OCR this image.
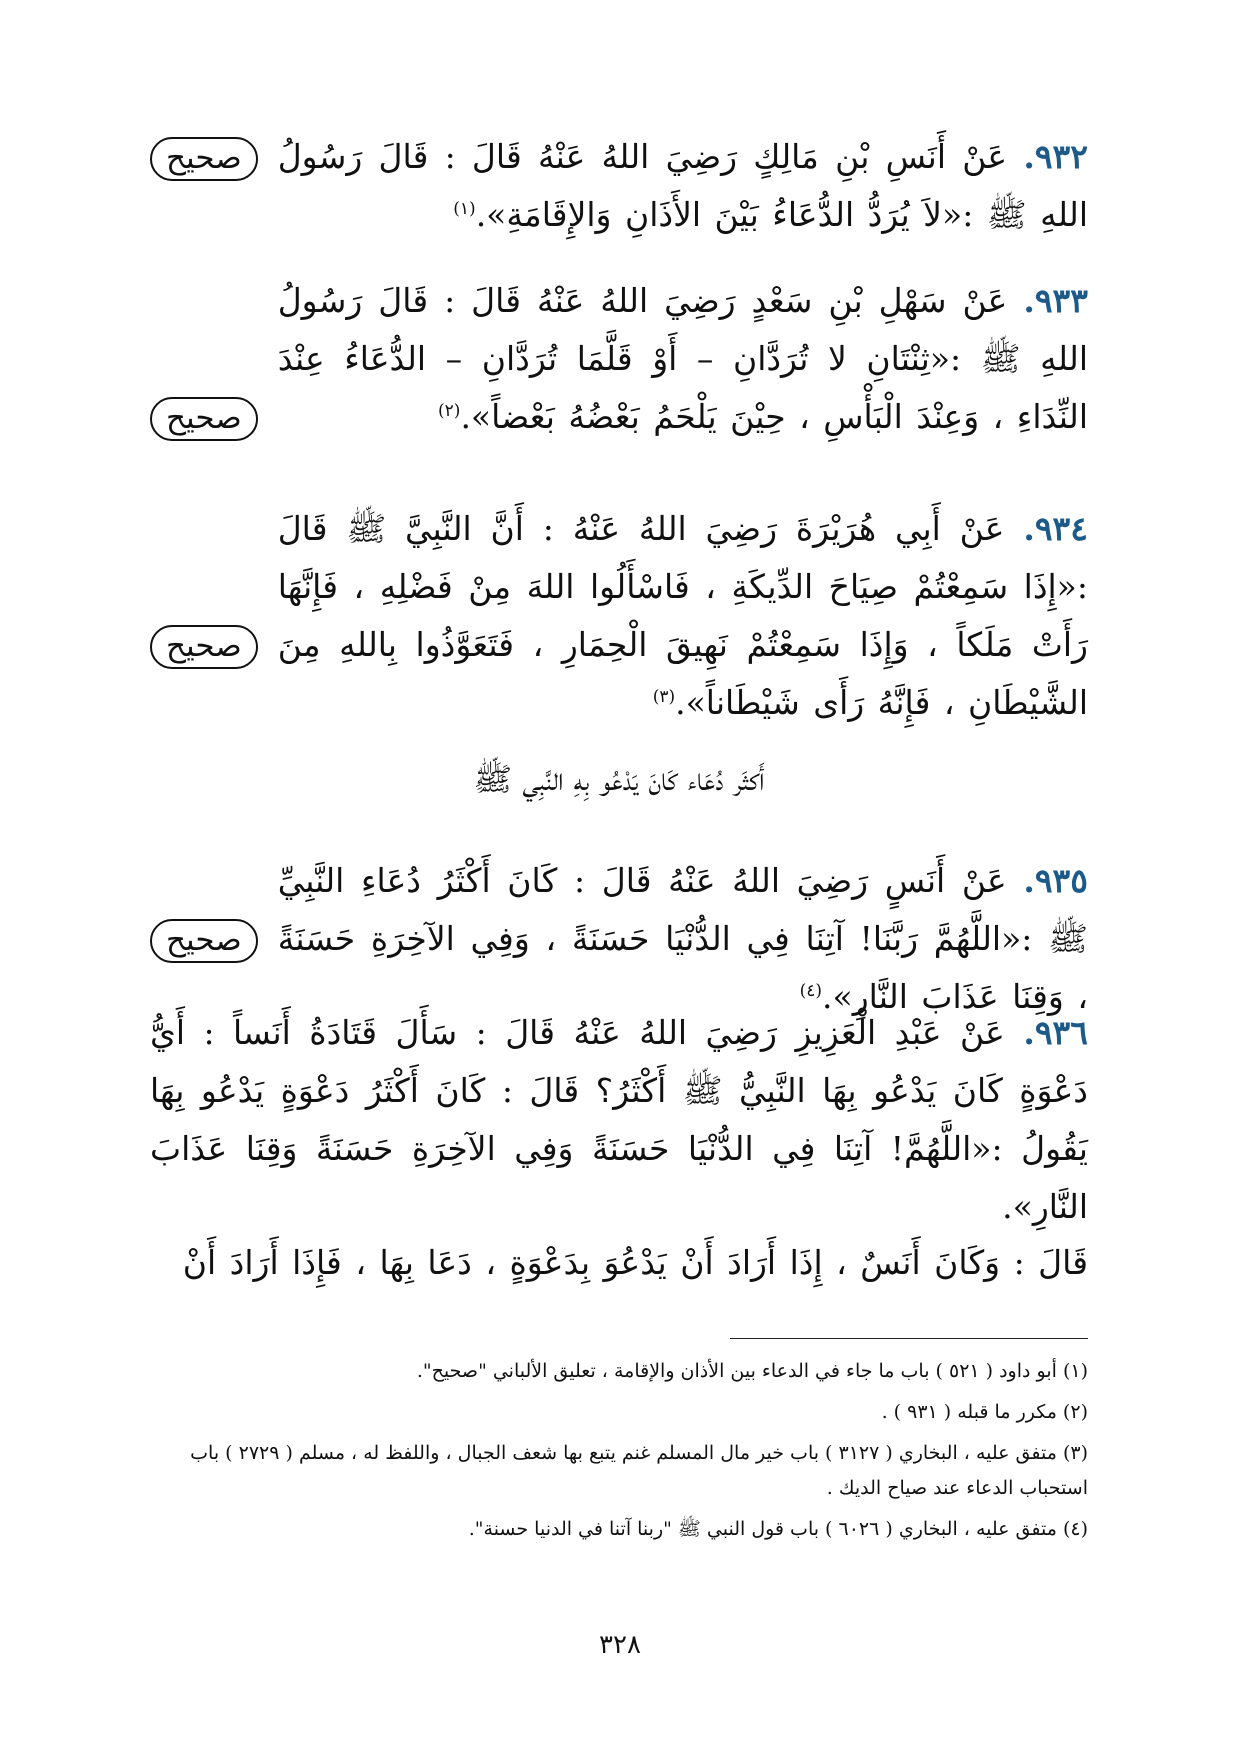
صحيح	٩٣٢. عَنْ أَنَسِ بْنِ مَالِكٍ رَضِيَ اللهُ عَنْهُ قَالَ : قَالَ رَسُولُ اللهِ ﷺ :«لاَ يُرَدُّ الدُّعَاءُ بَيْنَ الأَذَانِ وَالإِقَامَةِ».$^{(١)}$
صحيح
٩٣٣. عَنْ سَهْلِ بْنِ سَعْدٍ رَضِيَ اللهُ عَنْهُ قَالَ : قَالَ رَسُولُ اللهِ ﷺ :«ثِنْتَانِ لا تُرَدَّانِ – أَوْ قَلَّمَا تُرَدَّانِ – الدُّعَاءُ عِنْدَ النِّدَاءِ ، وَعِنْدَ الْبَأْسِ ، حِيْنَ يَلْحَمُ بَعْضُهُ بَعْضاً».$^{(٢)}$
صحيح
٩٣٤. عَنْ أَبِي هُرَيْرَةَ رَضِيَ اللهُ عَنْهُ : أَنَّ النَّبِيَّ ﷺ قَالَ :«إِذَا سَمِعْتُمْ صِيَاحَ الدِّيكَةِ ، فَاسْأَلُوا اللهَ مِنْ فَضْلِهِ ، فَإِنَّهَا رَأَتْ مَلَكاً ، وَإِذَا سَمِعْتُمْ نَهِيقَ الْحِمَارِ ، فَتَعَوَّذُوا بِاللهِ مِنَ الشَّيْطَانِ ، فَإِنَّهُ رَأَى شَيْطَاناً».$^{(٣)}$
أَكثَر دُعَاء كَانَ يَدْعُو بِهِ النَّبِي ﷺ
صحيح
٩٣٥. عَنْ أَنَسٍ رَضِيَ اللهُ عَنْهُ قَالَ : كَانَ أَكْثَرُ دُعَاءِ النَّبِيِّ ﷺ :«اللَّهُمَّ رَبَّنَا! آتِنَا فِي الدُّنْيَا حَسَنَةً ، وَفِي الآخِرَةِ حَسَنَةً ، وَقِنَا عَذَابَ النَّارِ».$^{(٤)}$
٩٣٦. عَنْ عَبْدِ الْعَزِيزِ رَضِيَ اللهُ عَنْهُ قَالَ : سَأَلَ قَتَادَةُ أَنَساً : أَيُّ دَعْوَةٍ كَانَ يَدْعُو بِهَا النَّبِيُّ ﷺ أَكْثَرُ؟ قَالَ : كَانَ أَكْثَرُ دَعْوَةٍ يَدْعُو بِهَا يَقُولُ :«اللَّهُمَّ! آتِنَا فِي الدُّنْيَا حَسَنَةً وَفِي الآخِرَةِ حَسَنَةً وَقِنَا عَذَابَ النَّارِ».
قَالَ : وَكَانَ أَنَسٌ ، إِذَا أَرَادَ أَنْ يَدْعُوَ بِدَعْوَةٍ ، دَعَا بِهَا ، فَإِذَا أَرَادَ أَنْ
(١) أبو داود ( ٥٢١ ) باب ما جاء في الدعاء بين الأذان والإقامة ، تعليق الألباني "صحيح".
(٢) مكرر ما قبله ( ٩٣١ ) .
(٣) متفق عليه ، البخاري ( ٣١٢٧ ) باب خير مال المسلم غنم يتبع بها شعف الجبال ، واللفظ له ، مسلم ( ٢٧٢٩ ) باب استحباب الدعاء عند صياح الديك .
(٤) متفق عليه ، البخاري ( ٦٠٢٦ ) باب قول النبي ﷺ "ربنا آتنا في الدنيا حسنة".
٣٢٨
